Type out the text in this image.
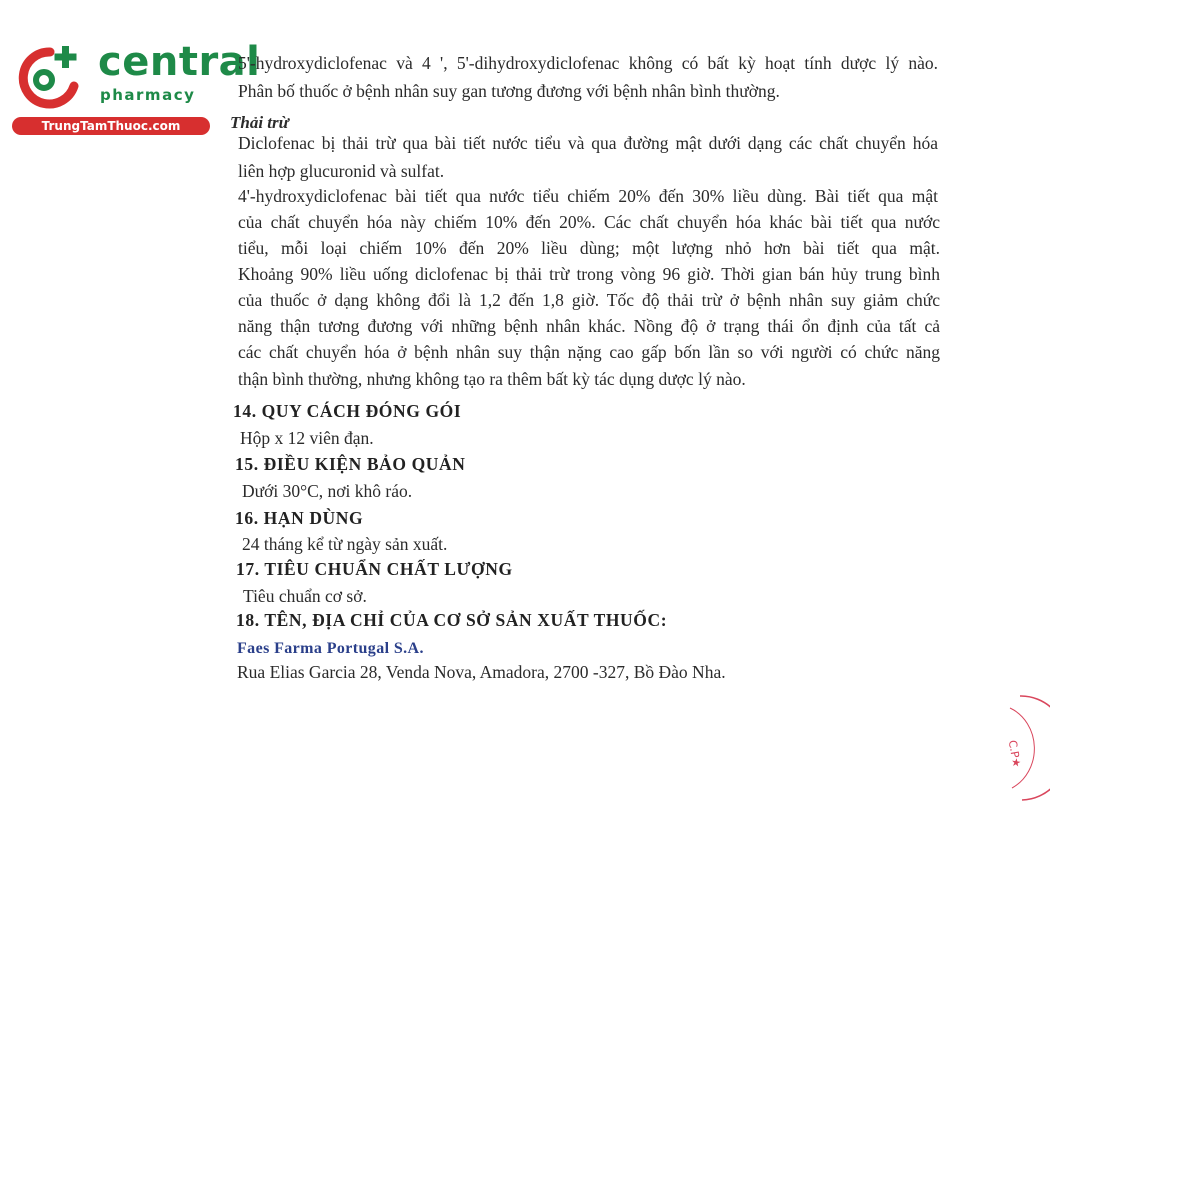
central
pharmacy
TrungTamThuoc.com
5'-hydroxydiclofenac và 4 ', 5'-dihydroxydiclofenac không có bất kỳ hoạt tính dược lý nào.
Phân bố thuốc ở bệnh nhân suy gan tương đương với bệnh nhân bình thường.
Thải trừ
Diclofenac bị thải trừ qua bài tiết nước tiểu và qua đường mật dưới dạng các chất chuyển hóa
liên hợp glucuronid và sulfat.
4'-hydroxydiclofenac bài tiết qua nước tiểu chiếm 20% đến 30% liều dùng. Bài tiết qua mật
của chất chuyển hóa này chiếm 10% đến 20%. Các chất chuyển hóa khác bài tiết qua nước
tiểu, mỗi loại chiếm 10% đến 20% liều dùng; một lượng nhỏ hơn bài tiết qua mật.
Khoảng 90% liều uống diclofenac bị thải trừ trong vòng 96 giờ. Thời gian bán hủy trung bình
của thuốc ở dạng không đổi là 1,2 đến 1,8 giờ. Tốc độ thải trừ ở bệnh nhân suy giảm chức
năng thận tương đương với những bệnh nhân khác. Nồng độ ở trạng thái ổn định của tất cả
các chất chuyển hóa ở bệnh nhân suy thận nặng cao gấp bốn lần so với người có chức năng
thận bình thường, nhưng không tạo ra thêm bất kỳ tác dụng dược lý nào.
14. QUY CÁCH ĐÓNG GÓI
Hộp x 12 viên đạn.
15. ĐIỀU KIỆN BẢO QUẢN
Dưới 30°C, nơi khô ráo.
16. HẠN DÙNG
24 tháng kể từ ngày sản xuất.
17. TIÊU CHUẨN CHẤT LƯỢNG
Tiêu chuẩn cơ sở.
18. TÊN, ĐỊA CHỈ CỦA CƠ SỞ SẢN XUẤT THUỐC:
Faes Farma Portugal S.A.
Rua Elias Garcia 28, Venda Nova, Amadora, 2700 -327, Bồ Đào Nha.
C.P★
